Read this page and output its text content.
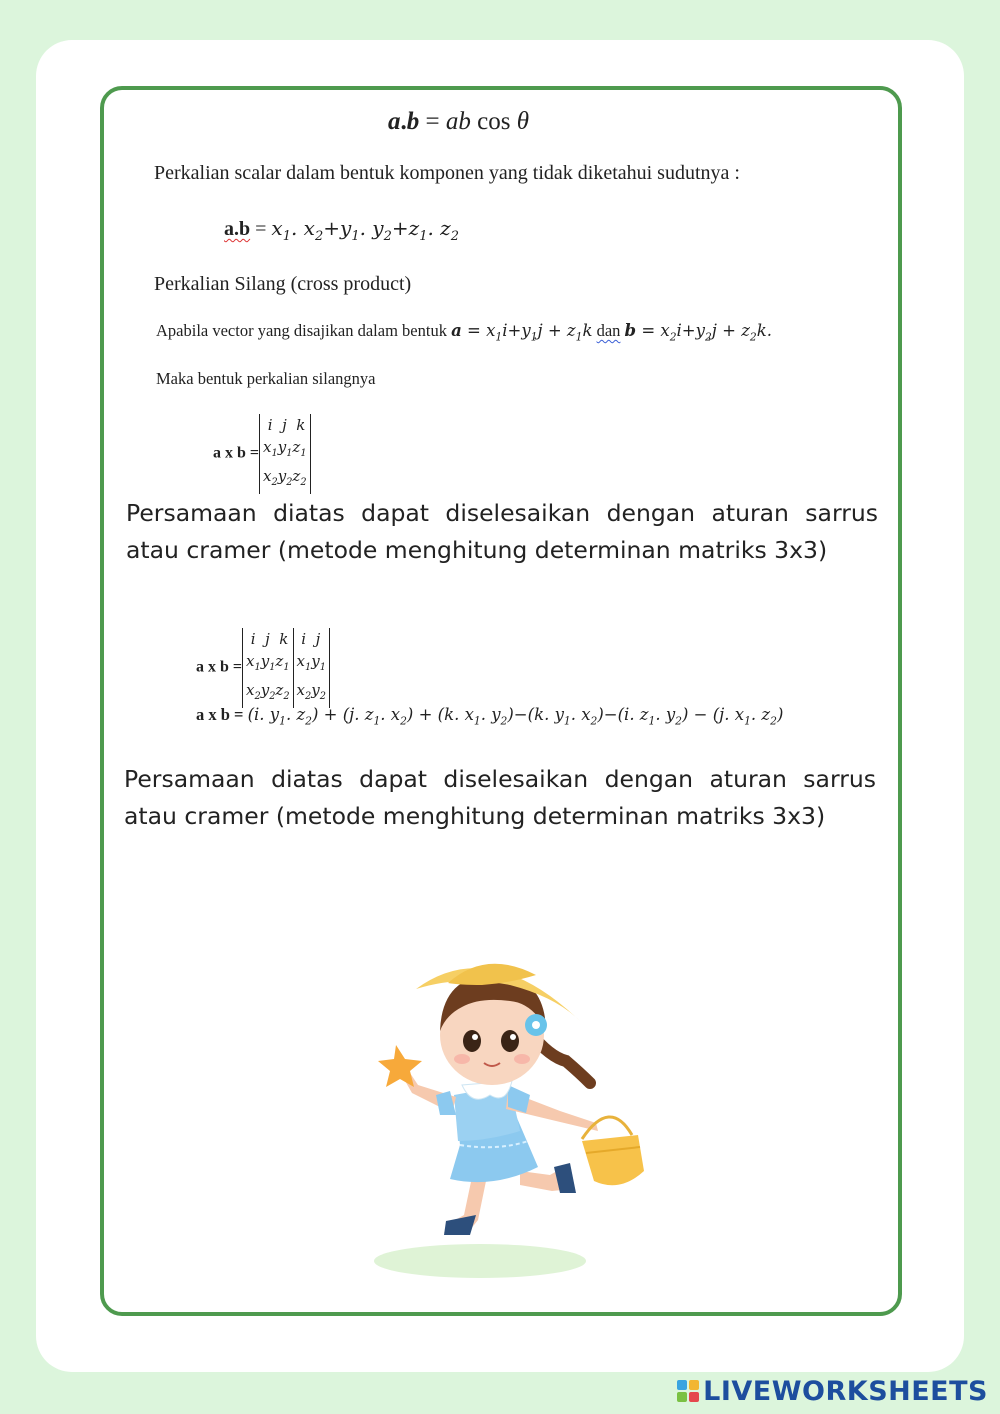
a.b = ab cos θ
Perkalian scalar dalam bentuk komponen yang tidak diketahui sudutnya :
$a.b = x_1$. $x_2+y_1$. $y_2+z_1$. $z_2$
Perkalian Silang (cross product)
Apabila vector yang disajikan dalam bentuk $a = x_1i+y_1j + z_1k$ dan $b = x_2i+y_2j + z_2k$.
Maka bentuk perkalian silangnya
a x b =
i  j  k
$x_1y_1z_1$
$x_2y_2z_2$
Persamaan diatas dapat diselesaikan dengan aturan sarrus atau cramer (metode menghitung determinan matriks 3x3)
a x b =
i  j  k
$x_1y_1z_1$
$x_2y_2z_2$
i  j
$x_1y_1$
$x_2y_2$
a x b = (i. $y_1$. $z_2) + (j$. $z_1$. $x_2) + (k$. $x_1$. $y_2)-(k$. $y_1$. $x_2)-(i$. $z_1$. $y_2) - (j$. $x_1$. $z_2$)
Persamaan diatas dapat diselesaikan dengan aturan sarrus atau cramer (metode menghitung determinan matriks 3x3)
LIVEWORKSHEETS
